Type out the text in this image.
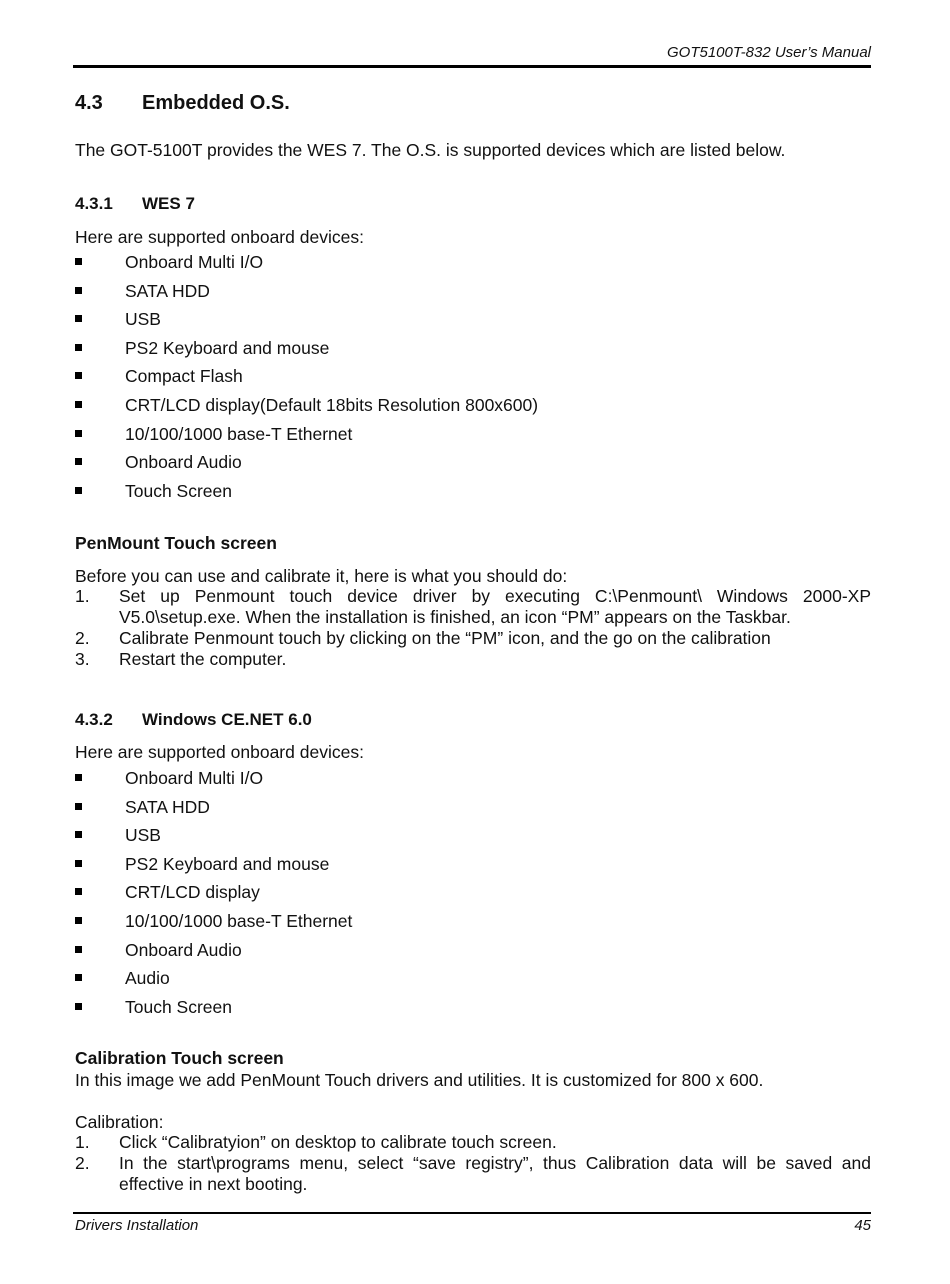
GOT5100T-832 User’s Manual
4.3 Embedded O.S.
The GOT-5100T provides the WES 7. The O.S. is supported devices which are listed below.
4.3.1 WES 7
Here are supported onboard devices:
Onboard Multi I/O
SATA HDD
USB
PS2 Keyboard and mouse
Compact Flash
CRT/LCD display(Default 18bits Resolution 800x600)
10/100/1000 base-T Ethernet
Onboard Audio
Touch Screen
PenMount Touch screen
Before you can use and calibrate it, here is what you should do:
1. Set up Penmount touch device driver by executing C:\Penmount\ Windows 2000-XP V5.0\setup.exe. When the installation is finished, an icon “PM” appears on the Taskbar.
2. Calibrate Penmount touch by clicking on the “PM” icon, and the go on the calibration
3. Restart the computer.
4.3.2 Windows CE.NET 6.0
Here are supported onboard devices:
Onboard Multi I/O
SATA HDD
USB
PS2 Keyboard and mouse
CRT/LCD display
10/100/1000 base-T Ethernet
Onboard Audio
Audio
Touch Screen
Calibration Touch screen
In this image we add PenMount Touch drivers and utilities. It is customized for 800 x 600.
Calibration:
1. Click “Calibratyion” on desktop to calibrate touch screen.
2. In the start\programs menu, select “save registry”, thus Calibration data will be saved and effective in next booting.
Drivers Installation	45
